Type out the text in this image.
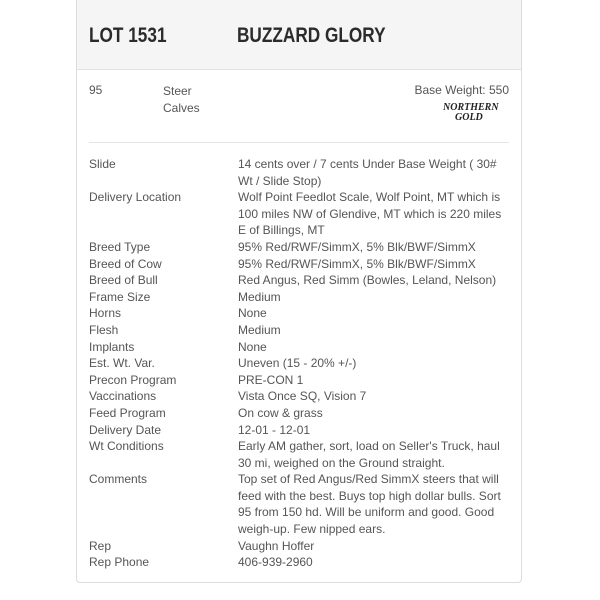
LOT 1531	BUZZARD GLORY
95	Steer
Calves
Base Weight: 550
NORTHERN
GOLD
Slide	14 cents over / 7 cents Under Base Weight ( 30# Wt / Slide Stop)
Delivery Location	Wolf Point Feedlot Scale, Wolf Point, MT which is 100 miles NW of Glendive, MT which is 220 miles E of Billings, MT
Breed Type	95% Red/RWF/SimmX, 5% Blk/BWF/SimmX
Breed of Cow	95% Red/RWF/SimmX, 5% Blk/BWF/SimmX
Breed of Bull	Red Angus, Red Simm (Bowles, Leland, Nelson)
Frame Size	Medium
Horns	None
Flesh	Medium
Implants	None
Est. Wt. Var.	Uneven (15 - 20% +/-)
Precon Program	PRE-CON 1
Vaccinations	Vista Once SQ, Vision 7
Feed Program	On cow & grass
Delivery Date	12-01 - 12-01
Wt Conditions	Early AM gather, sort, load on Seller's Truck, haul 30 mi, weighed on the Ground straight.
Comments	Top set of Red Angus/Red SimmX steers that will feed with the best. Buys top high dollar bulls. Sort 95 from 150 hd. Will be uniform and good. Good weigh-up. Few nipped ears.
Rep	Vaughn Hoffer
Rep Phone	406-939-2960
